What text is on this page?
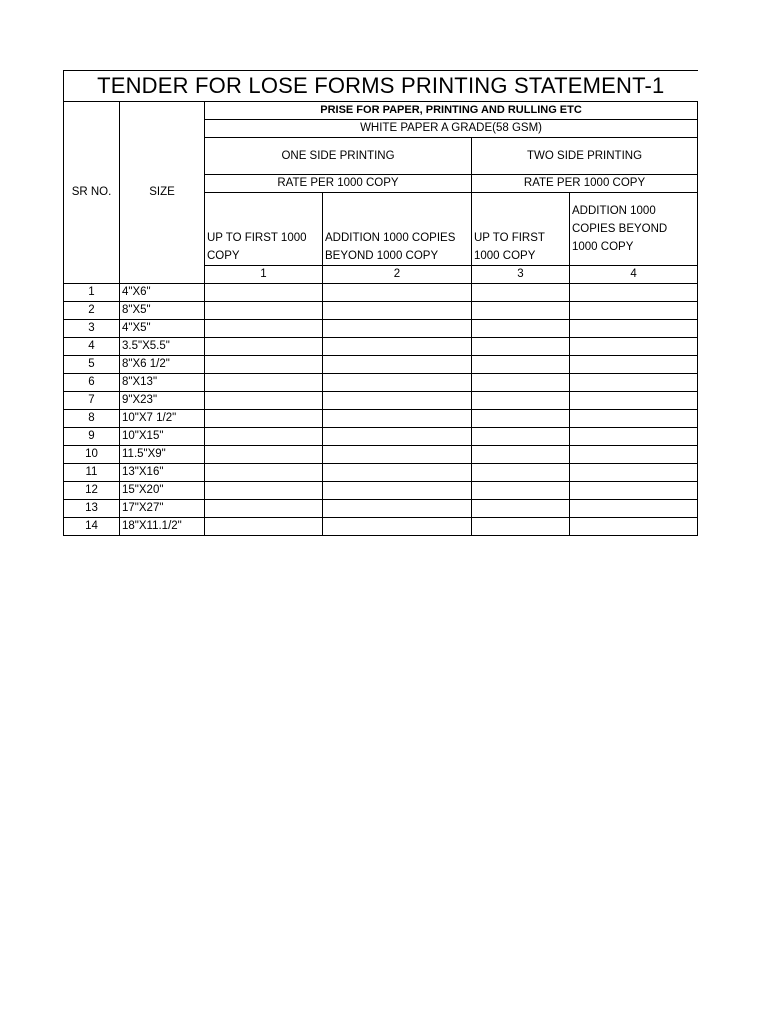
TENDER FOR LOSE FORMS PRINTING STATEMENT-1						
SR NO.	SIZE	PRISE FOR PAPER, PRINTING AND RULLING ETC				
		WHITE PAPER A GRADE(58 GSM)				
		ONE SIDE PRINTING		TWO SIDE PRINTING		
		RATE PER 1000 COPY		RATE PER 1000 COPY		
		UP TO FIRST 1000 COPY	ADDITION 1000 COPIES BEYOND 1000 COPY	UP TO FIRST 1000 COPY	ADDITION 1000 COPIES BEYOND 1000 COPY	
		1	2	3	4		
1	4"X6"					
2	8"X5"					
3	4"X5"					
4	3.5"X5.5"					
5	8"X6 1/2"					
6	8"X13"					
7	9"X23"					
8	10"X7 1/2"					
9	10"X15"					
10	11.5"X9"					
11	13"X16"					
12	15"X20"					
13	17"X27"					
14	18"X11.1/2"					
